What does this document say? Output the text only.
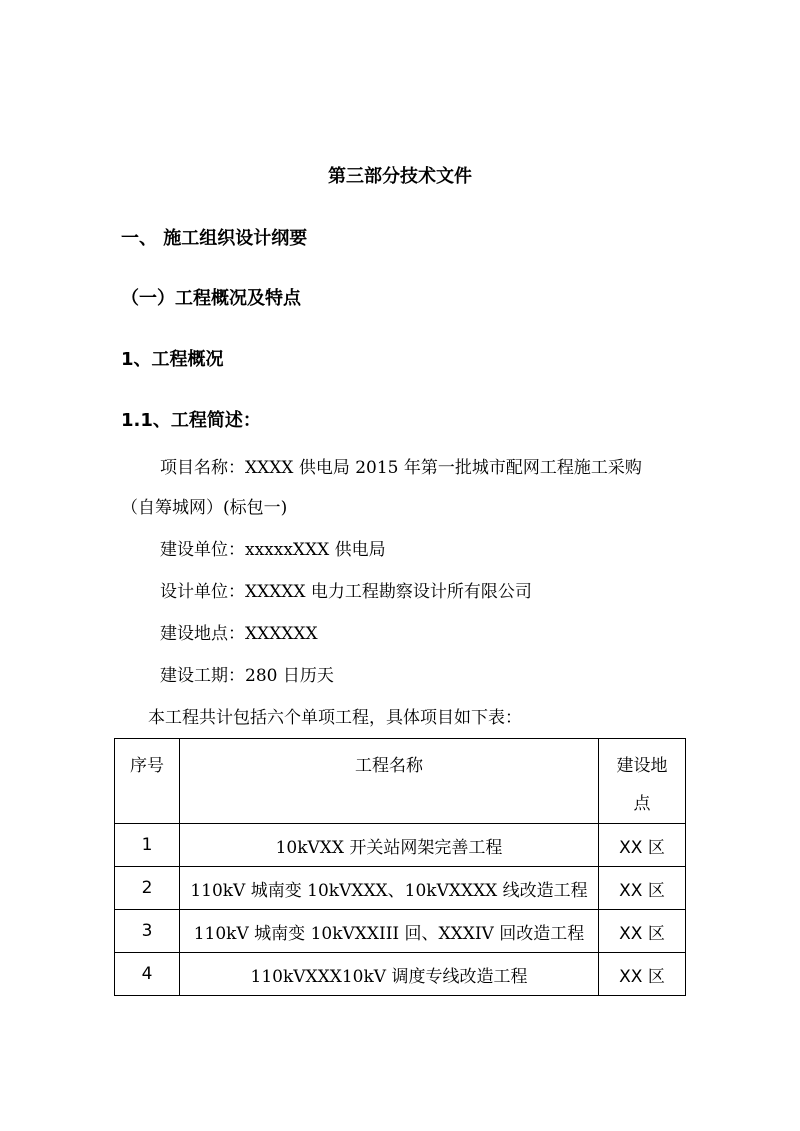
第三部分技术文件
一、 施工组织设计纲要
（一）工程概况及特点
1、工程概况
1.1、工程简述：
项目名称：XXXX 供电局 2015 年第一批城市配网工程施工采购
（自筹城网）(标包一)
建设单位：xxxxxXXX 供电局
设计单位：XXXXX 电力工程勘察设计所有限公司
建设地点：XXXXXX
建设工期：280 日历天
本工程共计包括六个单项工程，具体项目如下表：
序号	工程名称	建设地
点

1	10kVXX 开关站网架完善工程	XX 区
2	110kV 城南变 10kVXXX、10kVXXXX 线改造工程	XX 区
3	110kV 城南变 10kVXXIII 回、XXXIV 回改造工程	XX 区
4	110kVXXX10kV 调度专线改造工程	XX 区
